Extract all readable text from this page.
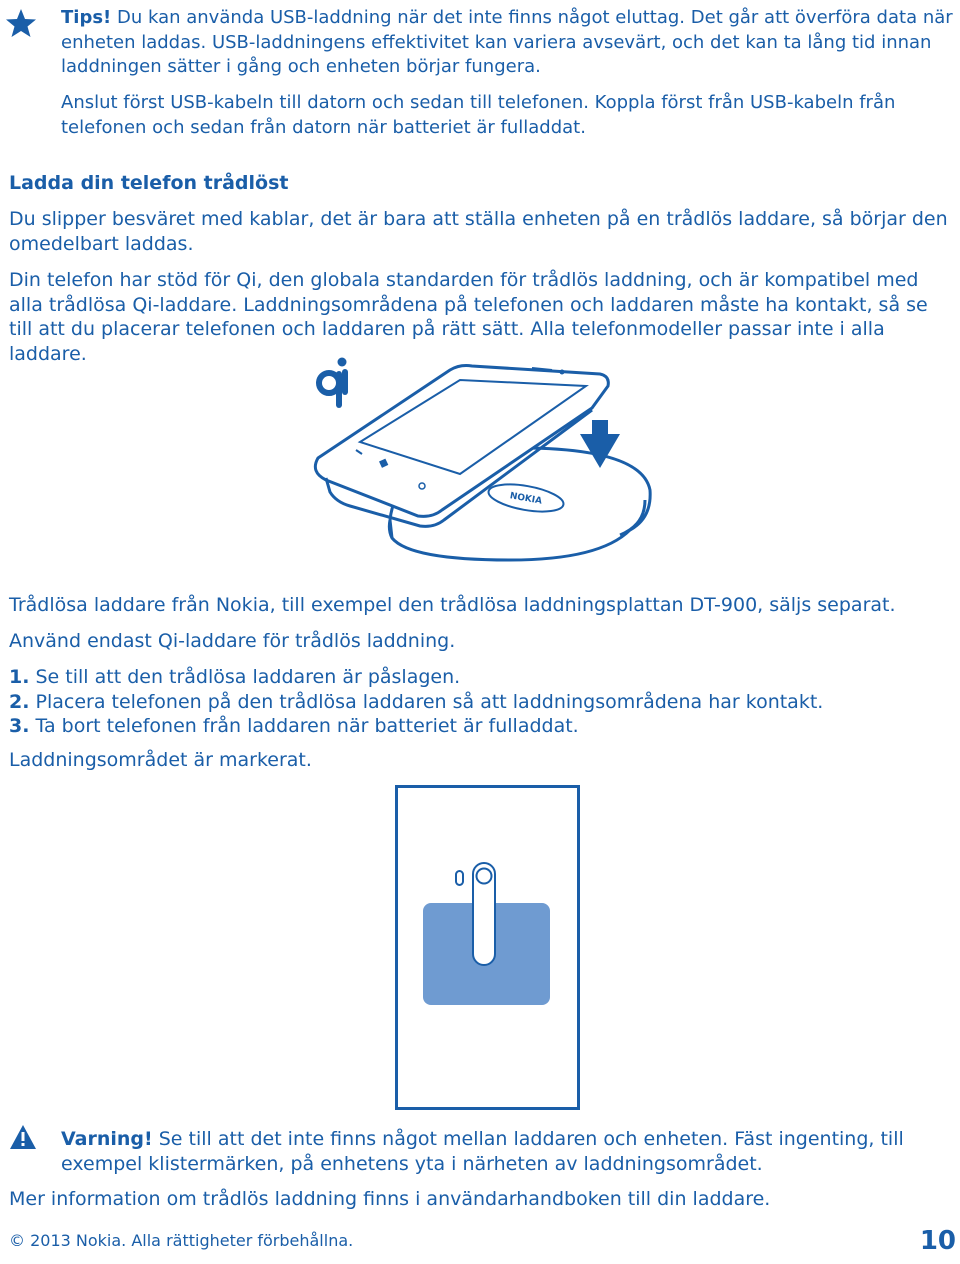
Tips! Du kan använda USB-laddning när det inte finns något eluttag. Det går att överföra data när enheten laddas. USB-laddningens effektivitet kan variera avsevärt, och det kan ta lång tid innan laddningen sätter i gång och enheten börjar fungera.

Anslut först USB-kabeln till datorn och sedan till telefonen. Koppla först från USB-kabeln från telefonen och sedan från datorn när batteriet är fulladdat.

Ladda din telefon trådlöst

Du slipper besväret med kablar, det är bara att ställa enheten på en trådlös laddare, så börjar den omedelbart laddas.

Din telefon har stöd för Qi, den globala standarden för trådlös laddning, och är kompatibel med alla trådlösa Qi-laddare. Laddningsområdena på telefonen och laddaren måste ha kontakt, så se till att du placerar telefonen och laddaren på rätt sätt. Alla telefonmodeller passar inte i alla laddare.

NOKIA

Trådlösa laddare från Nokia, till exempel den trådlösa laddningsplattan DT-900, säljs separat.

Använd endast Qi-laddare för trådlös laddning.

1. Se till att den trådlösa laddaren är påslagen.
2. Placera telefonen på den trådlösa laddaren så att laddningsområdena har kontakt.
3. Ta bort telefonen från laddaren när batteriet är fulladdat.

Laddningsområdet är markerat.

Varning! Se till att det inte finns något mellan laddaren och enheten. Fäst ingenting, till exempel klistermärken, på enhetens yta i närheten av laddningsområdet.

Mer information om trådlös laddning finns i användarhandboken till din laddare.

© 2013 Nokia. Alla rättigheter förbehållna.	10
